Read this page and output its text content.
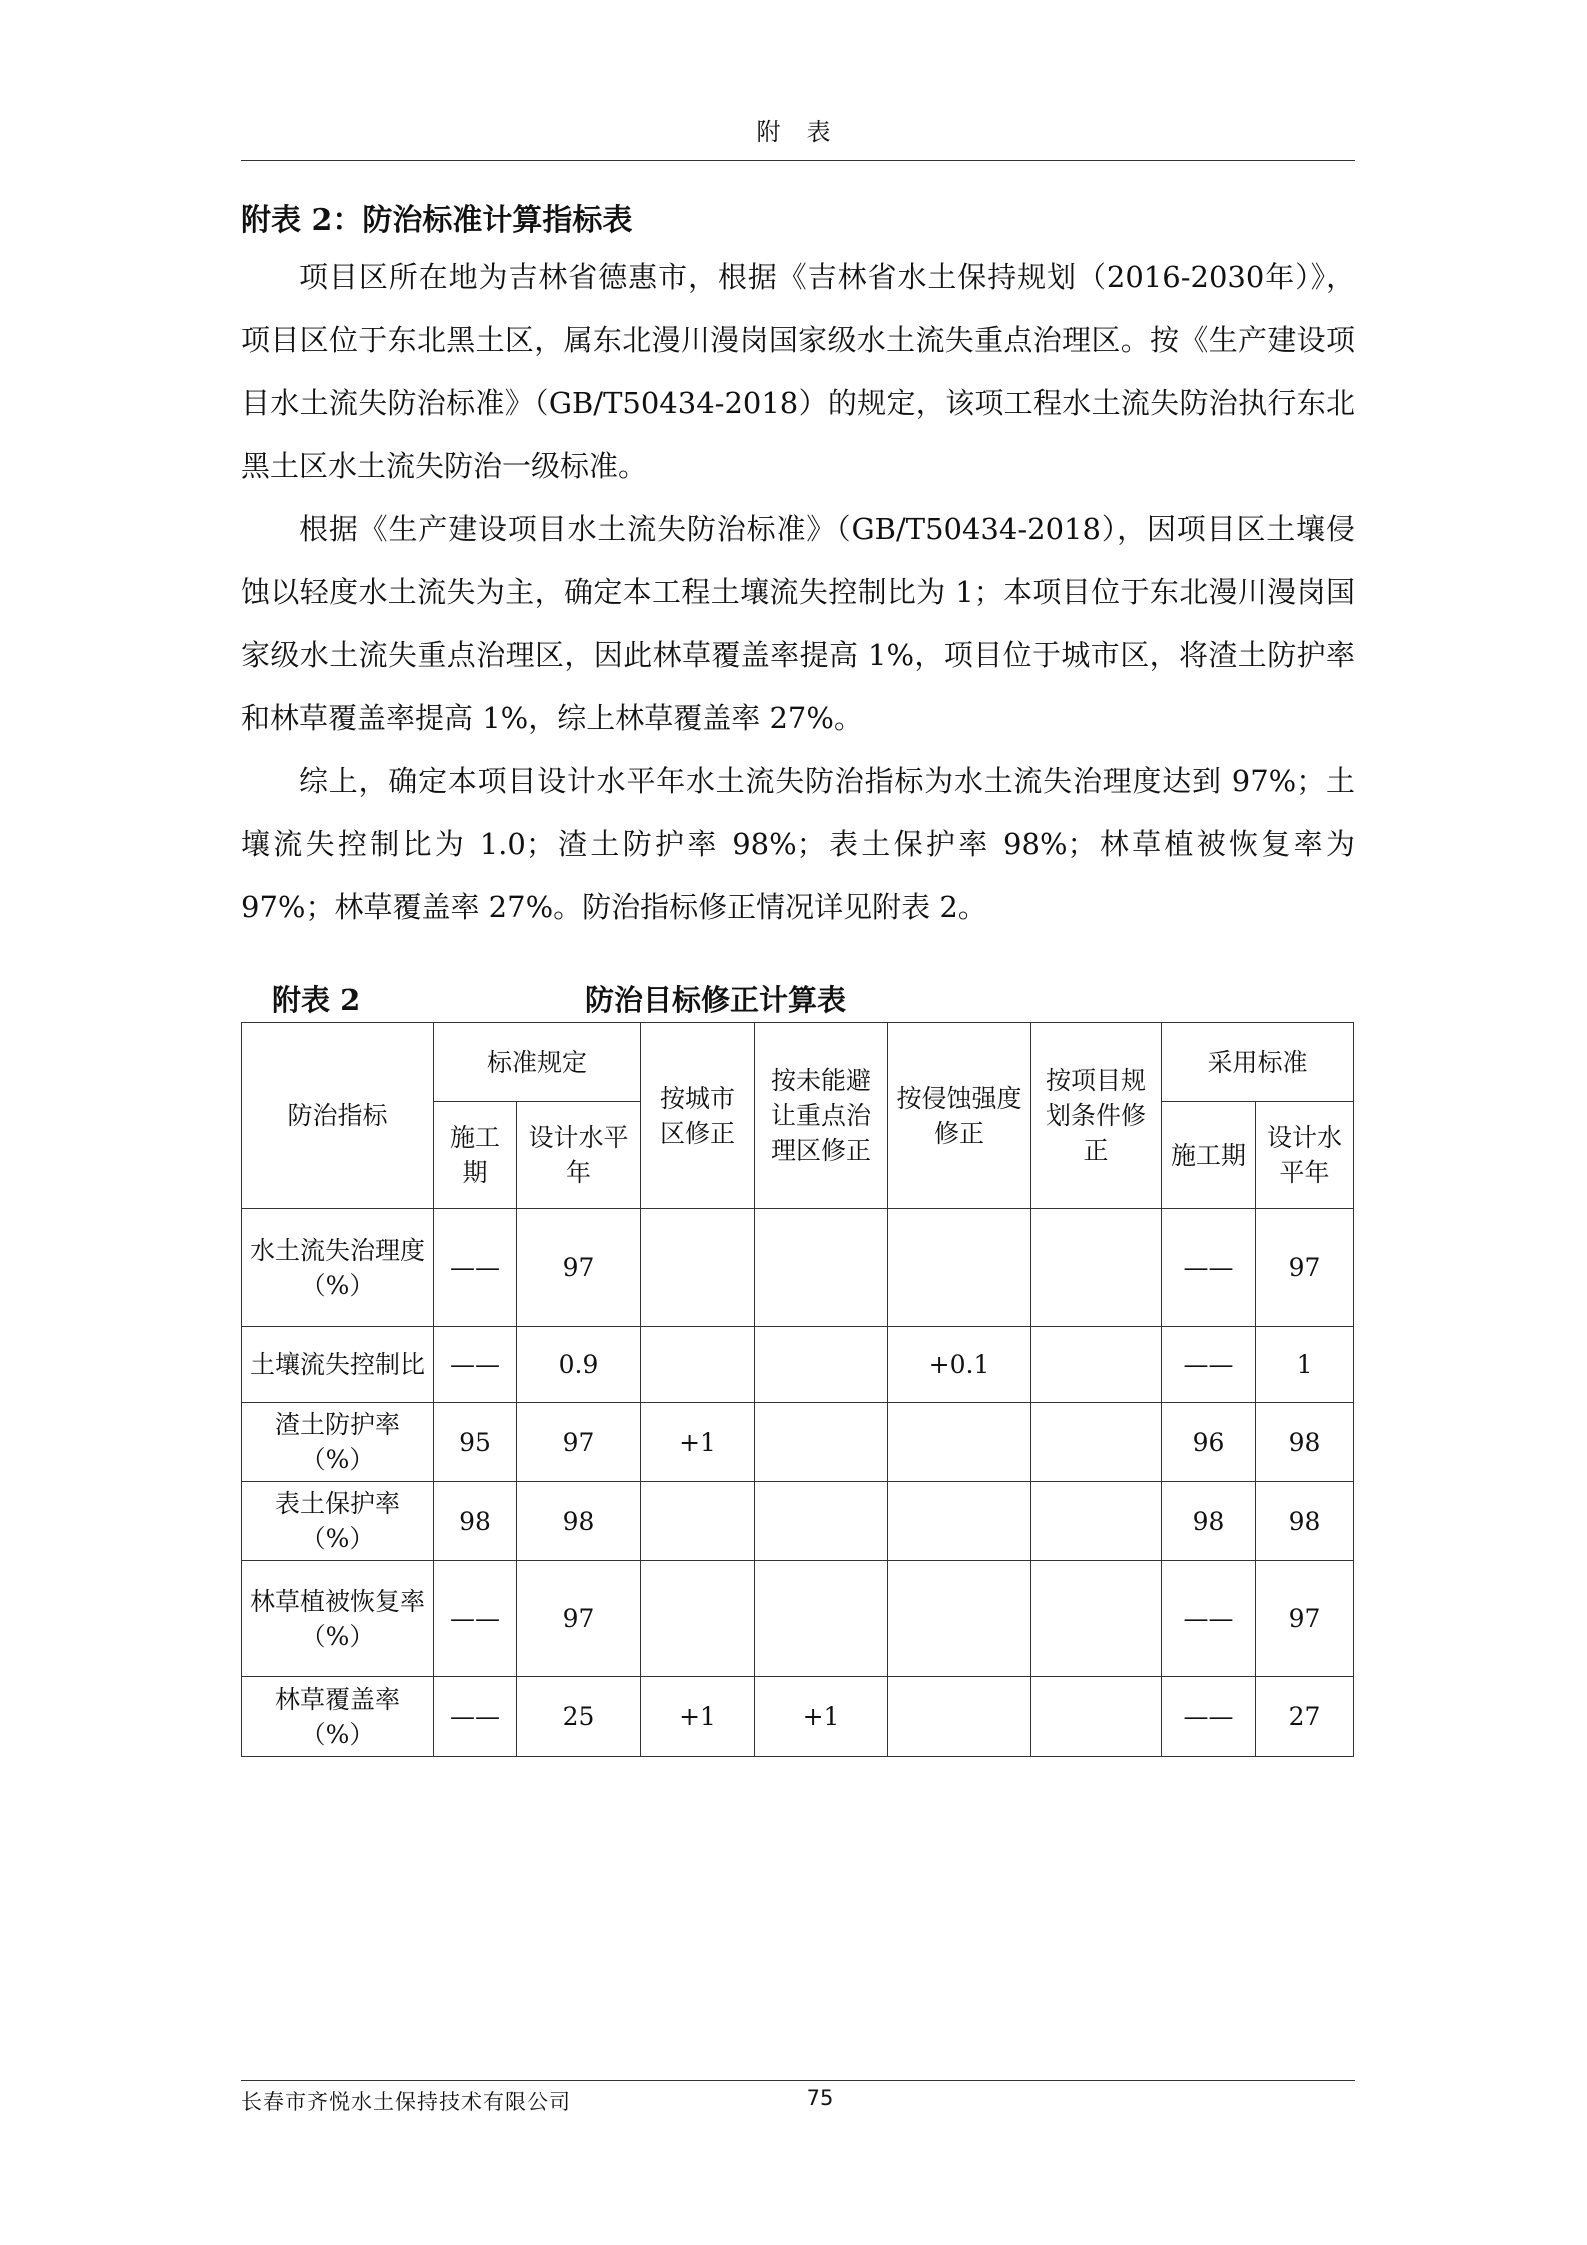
附表
附表 2：防治标准计算指标表

项目区所在地为吉林省德惠市，根据《吉林省水土保持规划（2016-2030年）》，项目区位于东北黑土区，属东北漫川漫岗国家级水土流失重点治理区。按《生产建设项目水土流失防治标准》（GB/T50434-2018）的规定，该项工程水土流失防治执行东北黑土区水土流失防治一级标准。

根据《生产建设项目水土流失防治标准》（GB/T50434-2018），因项目区土壤侵蚀以轻度水土流失为主，确定本工程土壤流失控制比为 1；本项目位于东北漫川漫岗国家级水土流失重点治理区，因此林草覆盖率提高 1%，项目位于城市区，将渣土防护率和林草覆盖率提高 1%，综上林草覆盖率 27%。

综上，确定本项目设计水平年水土流失防治指标为水土流失治理度达到 97%；土壤流失控制比为 1.0；渣土防护率 98%；表土保护率 98%；林草植被恢复率为 97%；林草覆盖率 27%。防治指标修正情况详见附表 2。

附表 2	防治目标修正计算表
防治指标	标准规定		按城市区修正	按未能避让重点治理区修正	按侵蚀强度修正	按项目规划条件修正	采用标准	
	施工期	设计水平年					施工期	设计水平年
水土流失治理度（%）	——	97					——	97
土壤流失控制比	——	0.9			+0.1		——	1
渣土防护率（%）	95	97	+1				96	98
表土保护率（%）	98	98					98	98
林草植被恢复率（%）	——	97					——	97
林草覆盖率（%）	——	25	+1	+1			——	27
长春市齐悦水土保持技术有限公司	75
